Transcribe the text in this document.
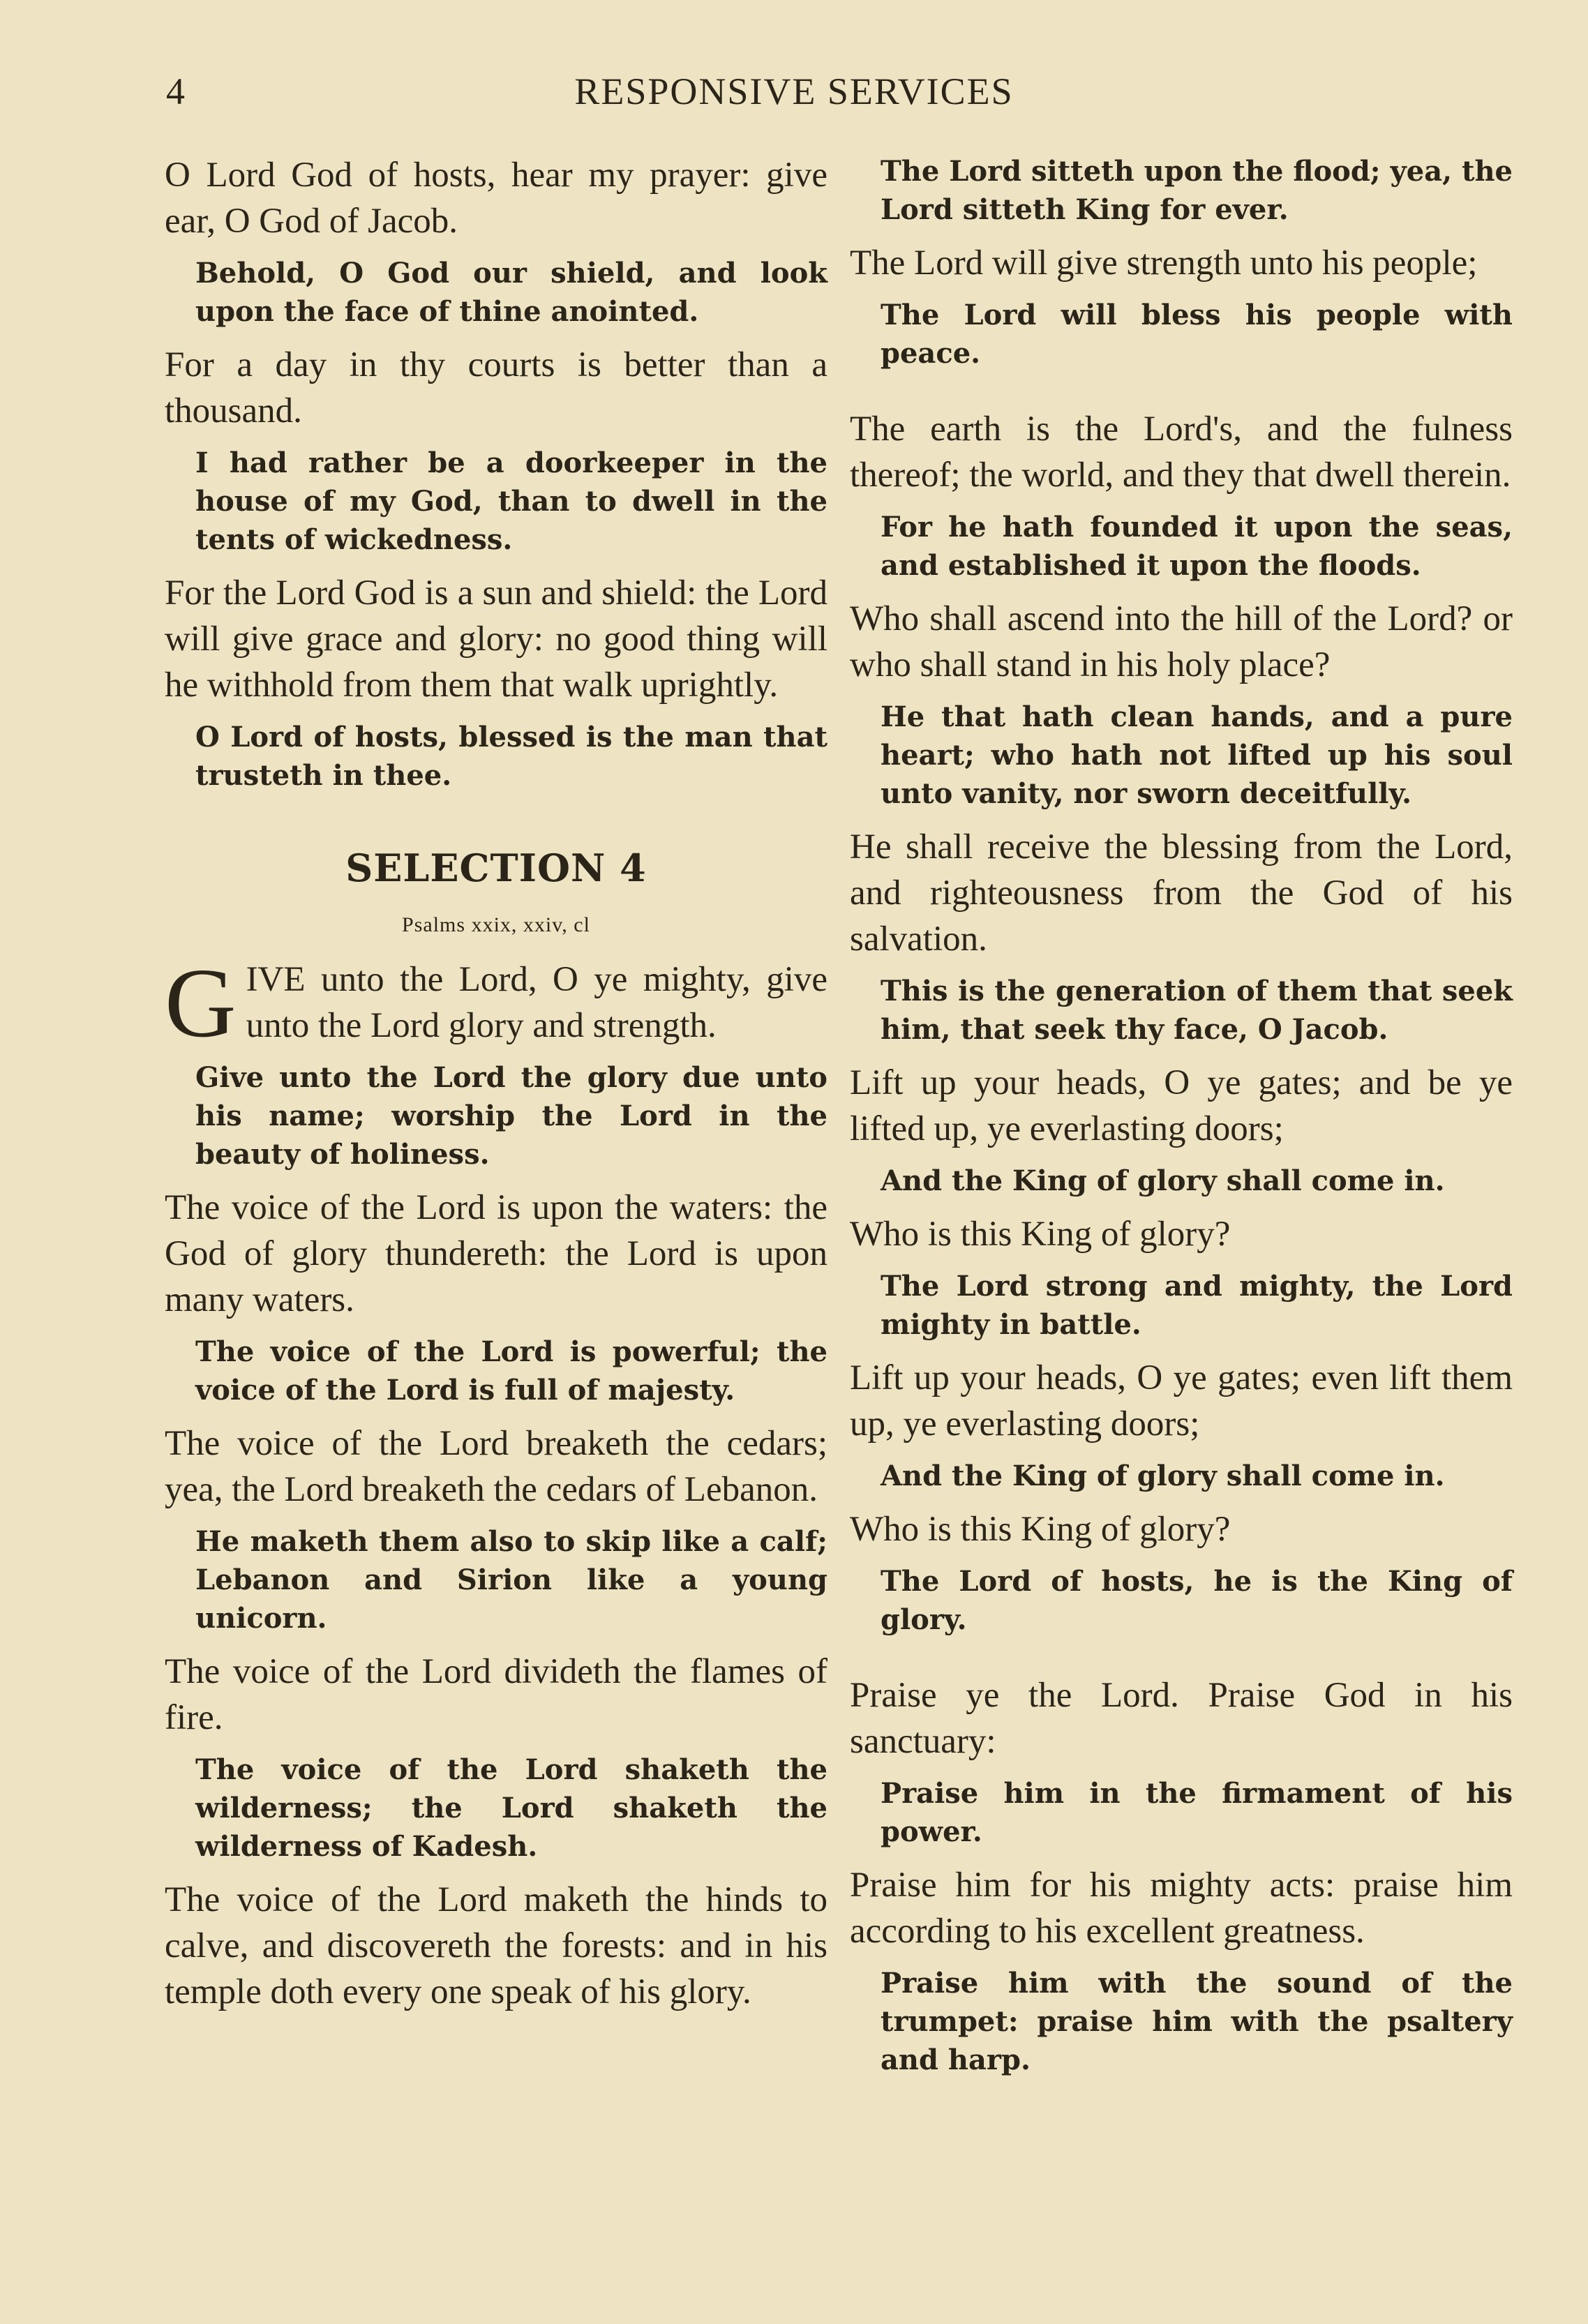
4	RESPONSIVE SERVICES

O Lord God of hosts, hear my prayer: give ear, O God of Jacob.

Behold, O God our shield, and look upon the face of thine anointed.

For a day in thy courts is better than a thousand.

I had rather be a doorkeeper in the house of my God, than to dwell in the tents of wickedness.

For the Lord God is a sun and shield: the Lord will give grace and glory: no good thing will he withhold from them that walk uprightly.

O Lord of hosts, blessed is the man that trusteth in thee.

SELECTION 4
Psalms xxix, xxiv, cl

GIVE unto the Lord, O ye mighty, give unto the Lord glory and strength.

Give unto the Lord the glory due unto his name; worship the Lord in the beauty of holiness.

The voice of the Lord is upon the waters: the God of glory thundereth: the Lord is upon many waters.

The voice of the Lord is powerful; the voice of the Lord is full of majesty.

The voice of the Lord breaketh the cedars; yea, the Lord breaketh the cedars of Lebanon.

He maketh them also to skip like a calf; Lebanon and Sirion like a young unicorn.

The voice of the Lord divideth the flames of fire.

The voice of the Lord shaketh the wilderness; the Lord shaketh the wilderness of Kadesh.

The voice of the Lord maketh the hinds to calve, and discovereth the forests: and in his temple doth every one speak of his glory.

The Lord sitteth upon the flood; yea, the Lord sitteth King for ever.

The Lord will give strength unto his people;

The Lord will bless his people with peace.

The earth is the Lord's, and the fulness thereof; the world, and they that dwell therein.

For he hath founded it upon the seas, and established it upon the floods.

Who shall ascend into the hill of the Lord? or who shall stand in his holy place?

He that hath clean hands, and a pure heart; who hath not lifted up his soul unto vanity, nor sworn deceitfully.

He shall receive the blessing from the Lord, and righteousness from the God of his salvation.

This is the generation of them that seek him, that seek thy face, O Jacob.

Lift up your heads, O ye gates; and be ye lifted up, ye everlasting doors;

And the King of glory shall come in.

Who is this King of glory?

The Lord strong and mighty, the Lord mighty in battle.

Lift up your heads, O ye gates; even lift them up, ye everlasting doors;

And the King of glory shall come in.

Who is this King of glory?

The Lord of hosts, he is the King of glory.

Praise ye the Lord. Praise God in his sanctuary:

Praise him in the firmament of his power.

Praise him for his mighty acts: praise him according to his excellent greatness.

Praise him with the sound of the trumpet: praise him with the psaltery and harp.
